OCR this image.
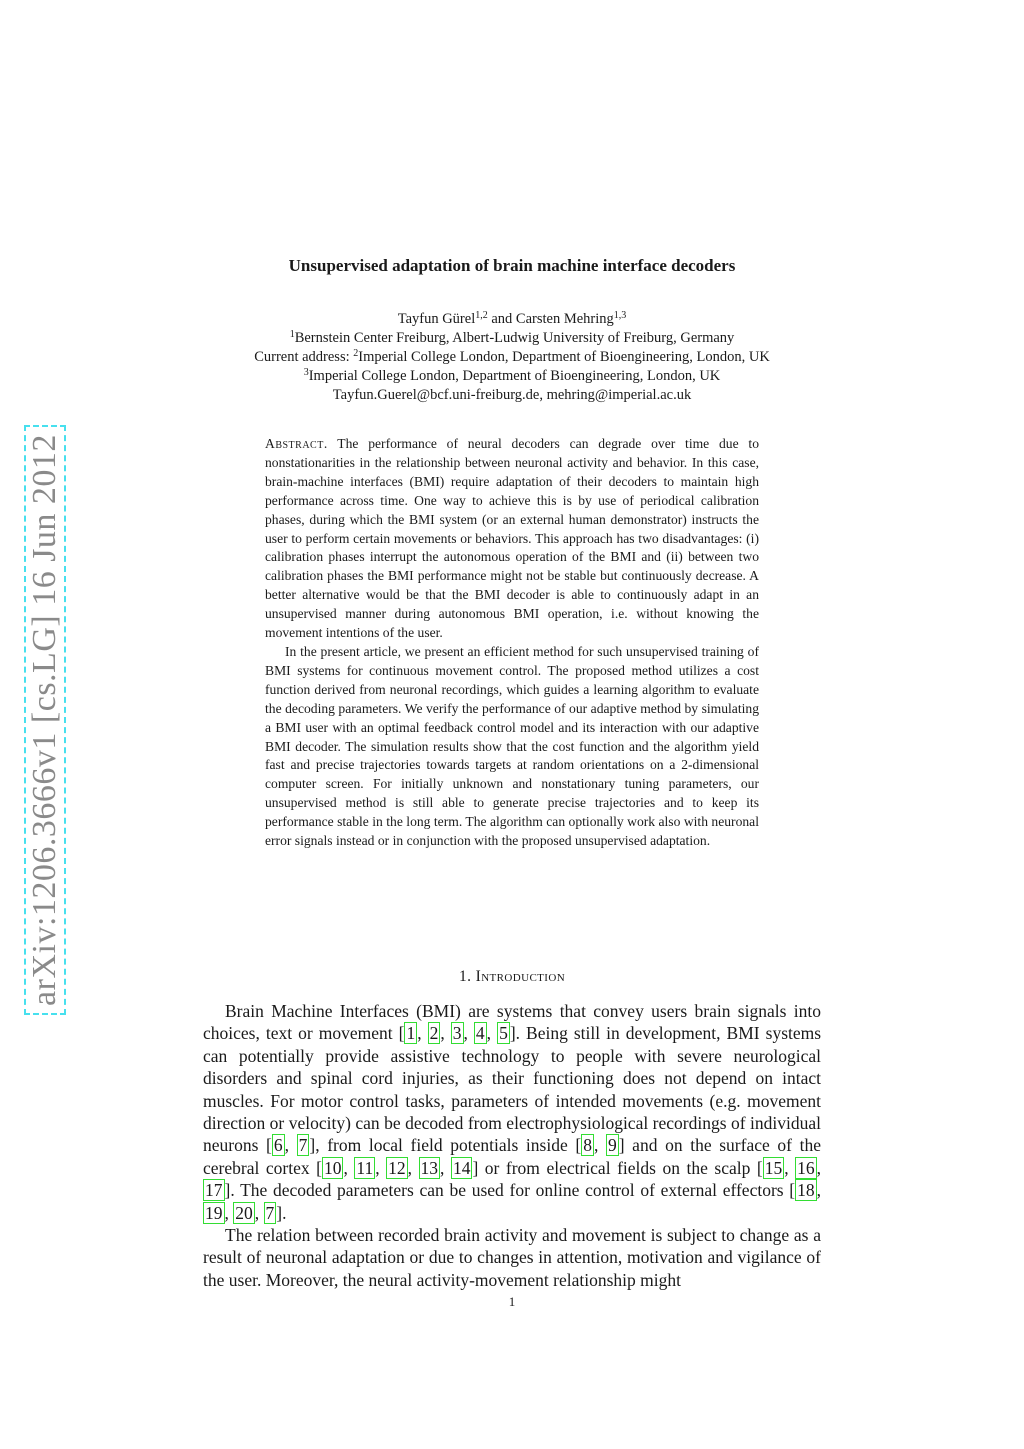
arXiv:1206.3666v1 [cs.LG] 16 Jun 2012
Unsupervised adaptation of brain machine interface decoders
Tayfun Gürel$^{1,2}$ and Carsten Mehring$^{1,3}$
$^1$Bernstein Center Freiburg, Albert-Ludwig University of Freiburg, Germany
Current address: $^2$Imperial College London, Department of Bioengineering, London, UK
$^3$Imperial College London, Department of Bioengineering, London, UK
Tayfun.Guerel@bcf.uni-freiburg.de, mehring@imperial.ac.uk

Abstract. The performance of neural decoders can degrade over time due to nonstationarities in the relationship between neuronal activity and behavior. In this case, brain-machine interfaces (BMI) require adaptation of their decoders to maintain high performance across time. One way to achieve this is by use of periodical calibration phases, during which the BMI system (or an external human demonstrator) instructs the user to perform certain movements or behaviors. This approach has two disadvantages: (i) calibration phases interrupt the autonomous operation of the BMI and (ii) between two calibration phases the BMI performance might not be stable but continuously decrease. A better alternative would be that the BMI decoder is able to continuously adapt in an unsupervised manner during autonomous BMI operation, i.e. without knowing the movement intentions of the user.

In the present article, we present an efficient method for such unsupervised training of BMI systems for continuous movement control. The proposed method utilizes a cost function derived from neuronal recordings, which guides a learning algorithm to evaluate the decoding parameters. We verify the performance of our adaptive method by simulating a BMI user with an optimal feedback control model and its interaction with our adaptive BMI decoder. The simulation results show that the cost function and the algorithm yield fast and precise trajectories towards targets at random orientations on a 2-dimensional computer screen. For initially unknown and nonstationary tuning parameters, our unsupervised method is still able to generate precise trajectories and to keep its performance stable in the long term. The algorithm can optionally work also with neuronal error signals instead or in conjunction with the proposed unsupervised adaptation.

1. Introduction

Brain Machine Interfaces (BMI) are systems that convey users brain signals into choices, text or movement [ 1 , 2 , 3 , 4 , 5 ]. Being still in development, BMI systems can potentially provide assistive technology to people with severe neurological disorders and spinal cord injuries, as their functioning does not depend on intact muscles. For motor control tasks, parameters of intended movements (e.g. movement direction or velocity) can be decoded from electrophysiological recordings of individual neurons [ 6 , 7 ], from local field potentials inside [ 8 , 9 ] and on the surface of the cerebral cortex [ 10 , 11 , 12 , 13 , 14 ] or from electrical fields on the scalp [ 15 , 16 , 17 ]. The decoded parameters can be used for online control of external effectors [ 18 , 19 , 20 , 7 ].

The relation between recorded brain activity and movement is subject to change as a result of neuronal adaptation or due to changes in attention, motivation and vigilance of the user. Moreover, the neural activity-movement relationship might

1
